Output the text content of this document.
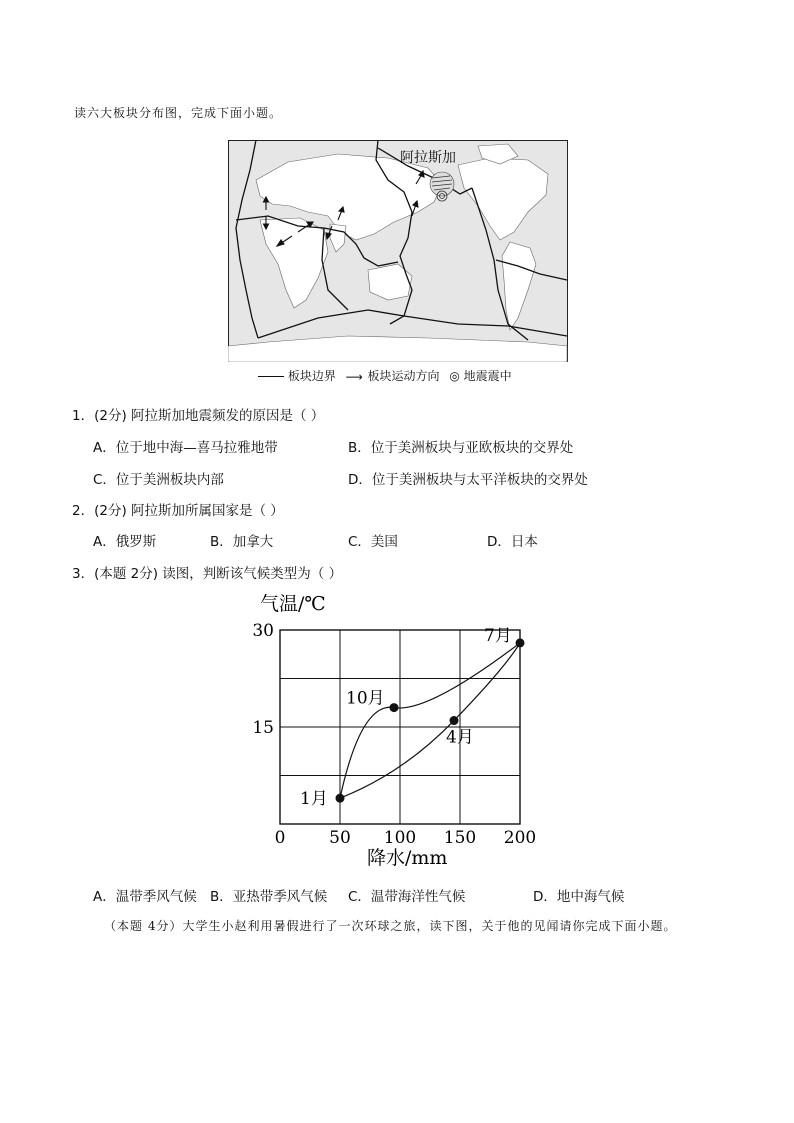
读六大板块分布图，完成下面小题。
阿拉斯加
板块边界 ⟶ 板块运动方向 ◎ 地震震中
1．(2分) 阿拉斯加地震频发的原因是（ ）
A．位于地中海—喜马拉雅地带	B．位于美洲板块与亚欧板块的交界处
C．位于美洲板块内部	D．位于美洲板块与太平洋板块的交界处
2．(2分) 阿拉斯加所属国家是（ ）
A．俄罗斯	B．加拿大	C．美国	D．日本
3．(本题 2分) 读图，判断该气候类型为（ ）
1月
4月
7月
10月
0	50 100 150 200
15
30
气温/℃
降水/mm
A．温带季风气候 B．亚热带季风气候 C．温带海洋性气候	D．地中海气候
（本题 4分）大学生小赵利用暑假进行了一次环球之旅，读下图，关于他的见闻请你完成下面小题。
